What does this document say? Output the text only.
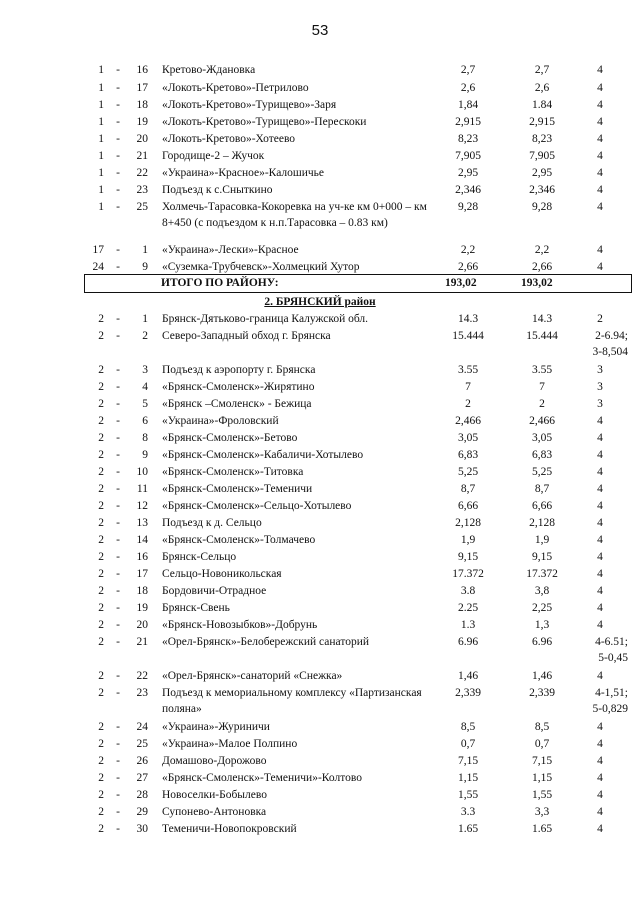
53
1 -	16 Кретово-Ждановка	2,7	2,7	4
1 -	17 «Локоть-Кретово»-Петрилово	2,6	2,6	4
1 -	18 «Локоть-Кретово»-Турищево»-Заря	1,84	1.84	4
1 -	19 «Локоть-Кретово»-Турищево»-Перескоки	2,915	2,915	4
1 -	20 «Локоть-Кретово»-Хотеево	8,23	8,23	4
1 -	21 Городище-2 – Жучок	7,905	7,905	4
1 -	22 «Украина»-Красное»-Калошичье	2,95	2,95	4
1 -	23 Подъезд к с.Сныткино	2,346	2,346	4
1 -	25 Холмечь-Тарасовка-Кокоревка на уч-ке км 0+000 – км 8+450 (с подъездом к н.п.Тарасовка – 0.83 км)
9,28	9,28	4
17 -	1 «Украина»-Лески»-Красное	2,2	2,2	4
24 -	9 «Суземка-Трубчевск»-Холмецкий Хутор	2,66	2,66	4
ИТОГО ПО РАЙОНУ:	193,02	193,02
2. БРЯНСКИЙ район
2 -	1 Брянск-Дятьково-граница Калужской обл.	14.3	14.3	2
2 -	2 Северо-Западный обход г. Брянска	15.444	15.444	2-6.94;
3-8,504
2 -	3 Подъезд к аэропорту г. Брянска	3.55	3.55	3
2 -	4 «Брянск-Смоленск»-Жирятино	7	7	3
2 -	5 «Брянск –Смоленск» - Бежица	2	2	3
2 -	6 «Украина»-Фроловский	2,466	2,466	4
2 -	8 «Брянск-Смоленск»-Бетово	3,05	3,05	4
2 -	9 «Брянск-Смоленск»-Кабаличи-Хотылево	6,83	6,83	4
2 -	10 «Брянск-Смоленск»-Титовка	5,25	5,25	4
2 -	11 «Брянск-Смоленск»-Теменичи	8,7	8,7	4
2 -	12 «Брянск-Смоленск»-Сельцо-Хотылево	6,66	6,66	4
2 -	13 Подъезд к д. Сельцо	2,128	2,128	4
2 -	14 «Брянск-Смоленск»-Толмачево	1,9	1,9	4
2 -	16 Брянск-Сельцо	9,15	9,15	4
2 -	17 Сельцо-Новоникольская	17.372	17.372	4
2 -	18 Бордовичи-Отрадное	3.8	3,8	4
2 -	19 Брянск-Свень	2.25	2,25	4
2 -	20 «Брянск-Новозыбков»-Добрунь	1.3	1,3	4
2 -	21 «Орел-Брянск»-Белобережский санаторий	6.96	6.96	4-6.51;
5-0,45
2 -	22 «Орел-Брянск»-санаторий «Снежка»	1,46	1,46	4
2 -	23 Подъезд к мемориальному комплексу «Партизанская поляна»
2,339	2,339	4-1,51;
5-0,829
2 -	24 «Украина»-Журиничи	8,5	8,5	4
2 -	25 «Украина»-Малое Полпино	0,7	0,7	4
2 -	26 Домашово-Дорожово	7,15	7,15	4
2 -	27 «Брянск-Смоленск»-Теменичи»-Колтово	1,15	1,15	4
2 -	28 Новоселки-Бобылево	1,55	1,55	4
2 -	29 Супонево-Антоновка	3.3	3,3	4
2 -	30 Теменичи-Новопокровский	1.65	1.65	4
